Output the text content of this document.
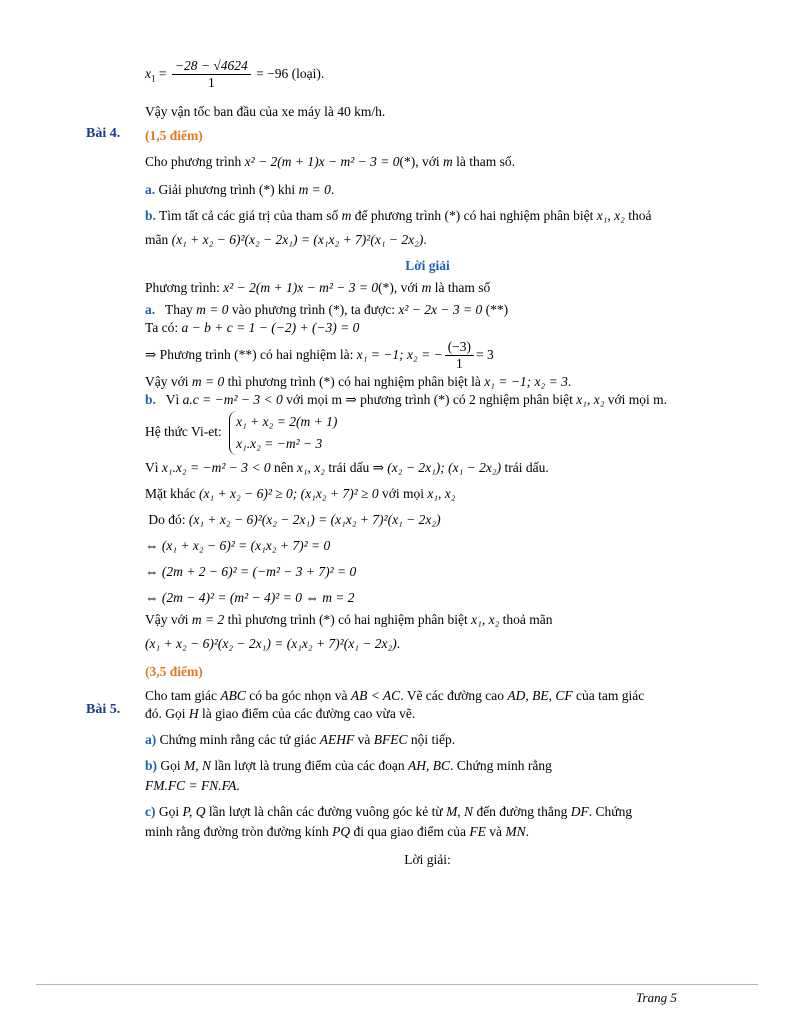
Bài 4.
Bài 5.

$x_1 = \frac{-28 - √4624}{1} = -96$ (loại).

Vậy vận tốc ban đầu của xe máy là 40 km/h.

(1,5 điểm)

Cho phương trình x² − 2(m + 1)x − m² − 3 = 0(*), với m là tham số.

a. Giải phương trình (*) khi m = 0.

b. Tìm tất cả các giá trị của tham số m để phương trình (*) có hai nghiệm phân biệt x₁, x₂ thoả

mãn (x₁ + x₂ − 6)²(x₂ − 2x₁) = (x₁x₂ + 7)²(x₁ − 2x₂).

Lời giải

Phương trình: x² − 2(m + 1)x − m² − 3 = 0(*), với m là tham số

a. Thay m = 0 vào phương trình (*), ta được: x² − 2x − 3 = 0 (**)

Ta có: a − b + c = 1 − (−2) + (−3) = 0

⇒ Phương trình (**) có hai nghiệm là: x₁ = −1; x₂ = − $\frac{(-3)}{1} = 3$

Vậy với m = 0 thì phương trình (*) có hai nghiệm phân biệt là x₁ = −1; x₂ = 3.

b. Vì a.c = −m² − 3 < 0 với mọi m ⇒ phương trình (*) có 2 nghiệm phân biệt x₁, x₂ với mọi m.

Hệ thức Vi-et:
x₁ + x₂ = 2(m + 1)
x₁.x₂ = −m² − 3

Vì x₁.x₂ = −m² − 3 < 0 nên x₁, x₂ trái dấu ⇒ (x₂ − 2x₁); (x₁ − 2x₂) trái dấu.

Mặt khác (x₁ + x₂ − 6)² ≥ 0; (x₁x₂ + 7)² ≥ 0 với mọi x₁, x₂

Do đó: (x₁ + x₂ − 6)²(x₂ − 2x₁) = (x₁x₂ + 7)²(x₁ − 2x₂)

⇔ (x₁ + x₂ − 6)² = (x₁x₂ + 7)² = 0

⇔ (2m + 2 − 6)² = (−m² − 3 + 7)² = 0

⇔ (2m − 4)² = (m² − 4)² = 0 ⇔ m = 2

Vậy với m = 2 thì phương trình (*) có hai nghiệm phân biệt x₁, x₂ thoả mãn

(x₁ + x₂ − 6)²(x₂ − 2x₁) = (x₁x₂ + 7)²(x₁ − 2x₂).

(3,5 điểm)

Cho tam giác ABC có ba góc nhọn và AB < AC. Vẽ các đường cao AD, BE, CF của tam giác

đó. Gọi H là giao điểm của các đường cao vừa vẽ.

a) Chứng minh rằng các tứ giác AEHF và BFEC nội tiếp.

b) Gọi M, N lần lượt là trung điểm của các đoạn AH, BC. Chứng minh rằng

FM.FC = FN.FA.

c) Gọi P, Q lần lượt là chân các đường vuông góc kẻ từ M, N đến đường thẳng DF. Chứng

minh rằng đường tròn đường kính PQ đi qua giao điểm của FE và MN.

Lời giải:

Trang 5
